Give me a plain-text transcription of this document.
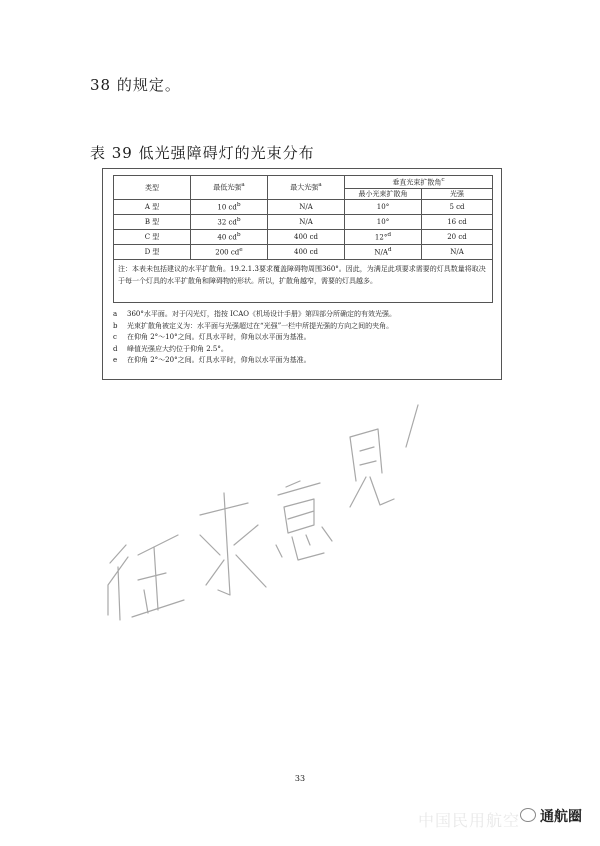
38 的规定。
表 39 低光强障碍灯的光束分布
类型	最低光强$^a$	最大光强$^a$	垂直光束扩散角$^c$
			最小光束扩散角	光强
A 型	10 $cd^b$	N/A	10°	5 cd
B 型	32 $cd^b$	N/A	10°	16 cd
C 型	40 $cd^b$	400 cd	12°$^d$	20 cd
D 型	200 $cd^e$	400 cd	$N/A^d$	N/A
注：本表未包括建议的水平扩散角。19.2.1.3要求覆盖障碍物周围360°。因此，为满足此项要求需要的灯具数量将取决于每一个灯具的水平扩散角和障碍物的形状。所以，扩散角越窄，需要的灯具越多。				
a	360°水平面。对于闪光灯，指按 ICAO《机场设计手册》第四部分所确定的有效光强。
b	光束扩散角被定义为：水平面与光强超过在“光强”一栏中所提光强的方向之间的夹角。
c	在仰角 2°～10°之间。灯具水平时，仰角以水平面为基准。
d	峰值光强应大约位于仰角 2.5°。
e	在仰角 2°～20°之间。灯具水平时，仰角以水平面为基准。
33
中国民用航空 通航圈
